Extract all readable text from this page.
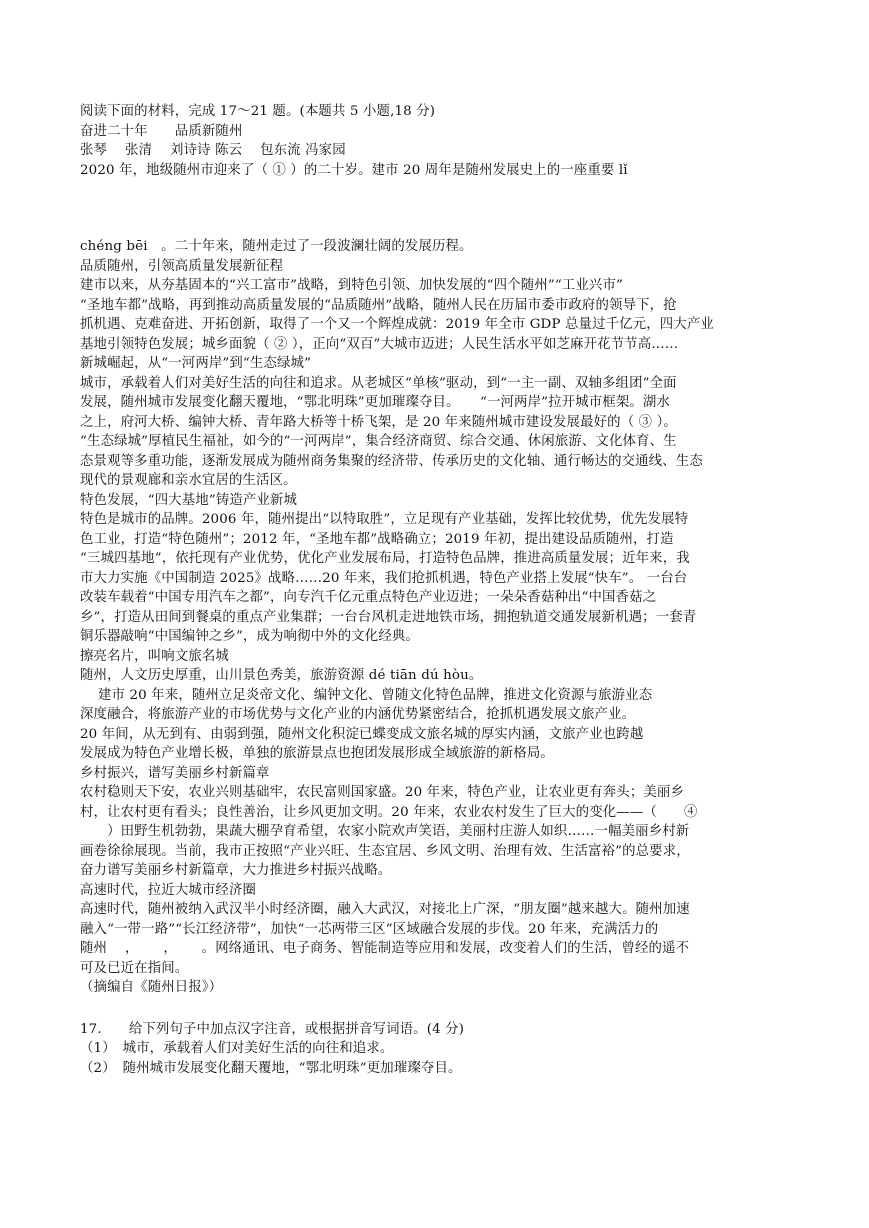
阅读下面的材料，完成 17～21 题。(本题共 5 小题,18 分)
奋进二十年　　品质新随州
张琴　 张清　 刘诗诗 陈云　 包东流 冯家园
2020 年，地级随州市迎来了（ ① ）的二十岁。建市 20 周年是随州发展史上的一座重要 lǐ
chéng bēi　。二十年来，随州走过了一段波澜壮阔的发展历程。
品质随州，引领高质量发展新征程
建市以来，从夯基固本的“兴工富市”战略，到特色引领、加快发展的“四个随州”“工业兴市”
“圣地车都”战略，再到推动高质量发展的“品质随州”战略，随州人民在历届市委市政府的领导下，抢
抓机遇、克难奋进、开拓创新，取得了一个又一个辉煌成就：2019 年全市 GDP 总量过千亿元，四大产业
基地引领特色发展；城乡面貌（ ② ），正向“双百”大城市迈进；人民生活水平如芝麻开花节节高……
新城崛起，从“一河两岸”到“生态绿城”
城市，承载着人们对美好生活的向往和追求。从老城区“单核”驱动，到“一主一副、双轴多组团”全面
发展，随州城市发展变化翻天覆地，“鄂北明珠”更加璀璨夺目。　　“一河两岸”拉开城市框架。湖水
之上，府河大桥、编钟大桥、青年路大桥等十桥飞架，是 20 年来随州城市建设发展最好的（ ③ ）。
“生态绿城”厚植民生福祉，如今的“一河两岸”，集合经济商贸、综合交通、休闲旅游、文化体育、生
态景观等多重功能，逐渐发展成为随州商务集聚的经济带、传承历史的文化轴、通行畅达的交通线、生态
现代的景观廊和亲水宜居的生活区。
特色发展，“四大基地”铸造产业新城
特色是城市的品牌。2006 年，随州提出“以特取胜”，立足现有产业基础，发挥比较优势，优先发展特
色工业，打造“特色随州”；2012 年，“圣地车都”战略确立；2019 年初，提出建设品质随州，打造
“三城四基地”，依托现有产业优势，优化产业发展布局，打造特色品牌，推进高质量发展；近年来，我
市大力实施《中国制造 2025》战略……20 年来，我们抢抓机遇，特色产业搭上发展“快车”。 一台台
改装车载着“中国专用汽车之都”，向专汽千亿元重点特色产业迈进；一朵朵香菇种出“中国香菇之
乡”，打造从田间到餐桌的重点产业集群；一台台风机走进地铁市场，拥抱轨道交通发展新机遇；一套青
铜乐器敲响“中国编钟之乡”，成为响彻中外的文化经典。
擦亮名片，叫响文旅名城
随州，人文历史厚重，山川景色秀美，旅游资源 dé tiān dú hòu。
建市 20 年来，随州立足炎帝文化、编钟文化、曾随文化特色品牌，推进文化资源与旅游业态
深度融合，将旅游产业的市场优势与文化产业的内涵优势紧密结合，抢抓机遇发展文旅产业。
20 年间，从无到有、由弱到强，随州文化积淀已蝶变成文旅名城的厚实内涵，文旅产业也跨越
发展成为特色产业增长极，单独的旅游景点也抱团发展形成全域旅游的新格局。
乡村振兴，谱写美丽乡村新篇章
农村稳则天下安，农业兴则基础牢，农民富则国家盛。20 年来，特色产业，让农业更有奔头；美丽乡
村，让农村更有看头；良性善治，让乡风更加文明。20 年来，农业农村发生了巨大的变化——（　　④
　　）田野生机勃勃，果蔬大棚孕育希望，农家小院欢声笑语，美丽村庄游人如织……一幅美丽乡村新
画卷徐徐展现。当前，我市正按照“产业兴旺、生态宜居、乡风文明、治理有效、生活富裕”的总要求，
奋力谱写美丽乡村新篇章，大力推进乡村振兴战略。
高速时代，拉近大城市经济圈
高速时代，随州被纳入武汉半小时经济圈，融入大武汉，对接北上广深，“朋友圈”越来越大。随州加速
融入“一带一路”“长江经济带”，加快“一芯两带三区”区域融合发展的步伐。20 年来，充满活力的
随州　 ，　　 ，　　 。网络通讯、电子商务、智能制造等应用和发展，改变着人们的生活，曾经的遥不
可及已近在指间。
（摘编自《随州日报》）
17.　　给下列句子中加点汉字注音，或根据拼音写词语。(4 分)
（1）　城市，承载着人们对美好生活的向往和追求。
（2）　随州城市发展变化翻天覆地，“鄂北明珠”更加璀璨夺目。
